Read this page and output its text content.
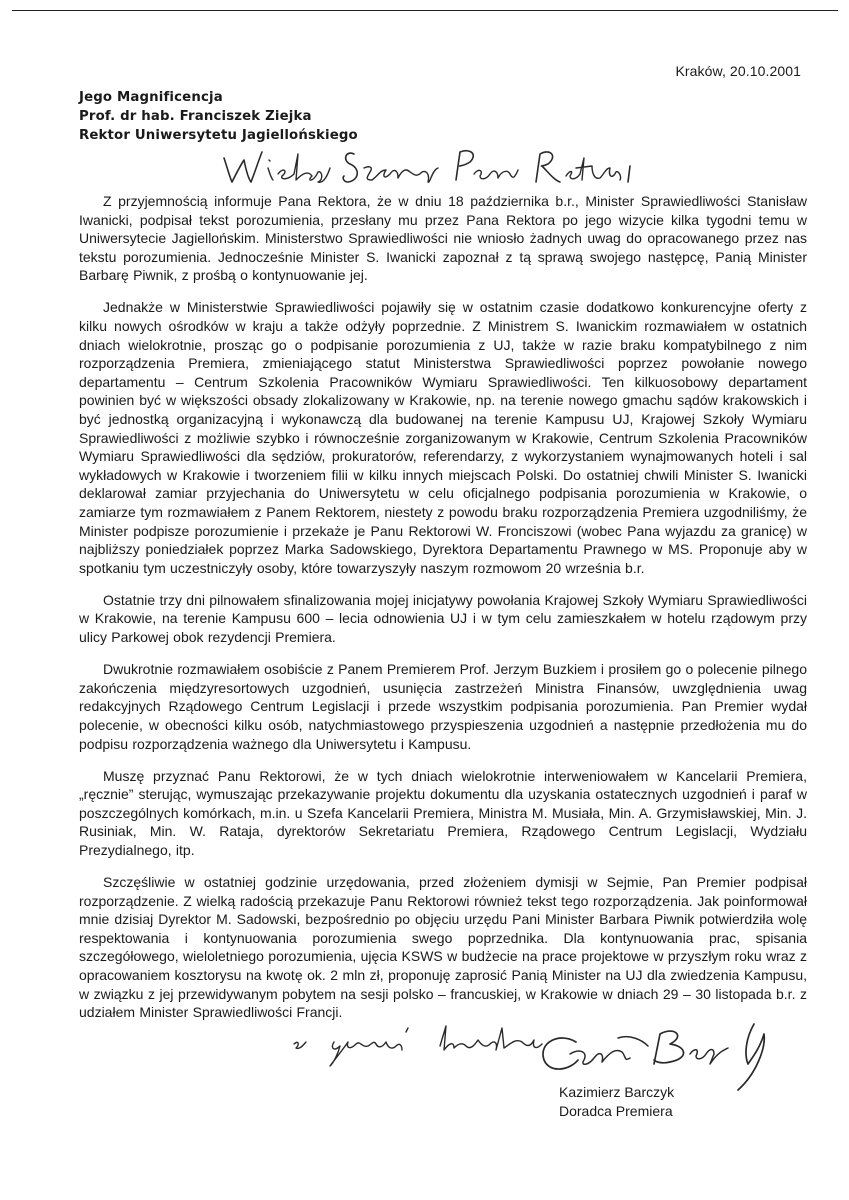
Kraków, 20.10.2001
Jego Magnificencja
Prof. dr hab. Franciszek Ziejka
Rektor Uniwersytetu Jagiellońskiego

Z przyjemnością informuje Pana Rektora, że w dniu 18 października b.r., Minister Sprawiedliwości Stanisław Iwanicki, podpisał tekst porozumienia, przesłany mu przez Pana Rektora po jego wizycie kilka tygodni temu w Uniwersytecie Jagiellońskim. Ministerstwo Sprawiedliwości nie wniosło żadnych uwag do opracowanego przez nas tekstu porozumienia. Jednocześnie Minister S. Iwanicki zapoznał z tą sprawą swojego następcę, Panią Minister Barbarę Piwnik, z prośbą o kontynuowanie jej.

Jednakże w Ministerstwie Sprawiedliwości pojawiły się w ostatnim czasie dodatkowo konkurencyjne oferty z kilku nowych ośrodków w kraju a także odżyły poprzednie. Z Ministrem S. Iwanickim rozmawiałem w ostatnich dniach wielokrotnie, prosząc go o podpisanie porozumienia z UJ, także w razie braku kompatybilnego z nim rozporządzenia Premiera, zmieniającego statut Ministerstwa Sprawiedliwości poprzez powołanie nowego departamentu – Centrum Szkolenia Pracowników Wymiaru Sprawiedliwości. Ten kilkuosobowy departament powinien być w większości obsady zlokalizowany w Krakowie, np. na terenie nowego gmachu sądów krakowskich i być jednostką organizacyjną i wykonawczą dla budowanej na terenie Kampusu UJ, Krajowej Szkoły Wymiaru Sprawiedliwości z możliwie szybko i równocześnie zorganizowanym w Krakowie, Centrum Szkolenia Pracowników Wymiaru Sprawiedliwości dla sędziów, prokuratorów, referendarzy, z wykorzystaniem wynajmowanych hoteli i sal wykładowych w Krakowie i tworzeniem filii w kilku innych miejscach Polski. Do ostatniej chwili Minister S. Iwanicki deklarował zamiar przyjechania do Uniwersytetu w celu oficjalnego podpisania porozumienia w Krakowie, o zamiarze tym rozmawiałem z Panem Rektorem, niestety z powodu braku rozporządzenia Premiera uzgodniliśmy, że Minister podpisze porozumienie i przekaże je Panu Rektorowi W. Fronciszowi (wobec Pana wyjazdu za granicę) w najbliższy poniedziałek poprzez Marka Sadowskiego, Dyrektora Departamentu Prawnego w MS. Proponuje aby w spotkaniu tym uczestniczyły osoby, które towarzyszyły naszym rozmowom 20 września b.r.

Ostatnie trzy dni pilnowałem sfinalizowania mojej inicjatywy powołania Krajowej Szkoły Wymiaru Sprawiedliwości w Krakowie, na terenie Kampusu 600 – lecia odnowienia UJ i w tym celu zamieszkałem w hotelu rządowym przy ulicy Parkowej obok rezydencji Premiera.

Dwukrotnie rozmawiałem osobiście z Panem Premierem Prof. Jerzym Buzkiem i prosiłem go o polecenie pilnego zakończenia międzyresortowych uzgodnień, usunięcia zastrzeżeń Ministra Finansów, uwzględnienia uwag redakcyjnych Rządowego Centrum Legislacji i przede wszystkim podpisania porozumienia. Pan Premier wydał polecenie, w obecności kilku osób, natychmiastowego przyspieszenia uzgodnień a następnie przedłożenia mu do podpisu rozporządzenia ważnego dla Uniwersytetu i Kampusu.

Muszę przyznać Panu Rektorowi, że w tych dniach wielokrotnie interweniowałem w Kancelarii Premiera, „ręcznie” sterując, wymuszając przekazywanie projektu dokumentu dla uzyskania ostatecznych uzgodnień i paraf w poszczególnych komórkach, m.in. u Szefa Kancelarii Premiera, Ministra M. Musiała, Min. A. Grzymisławskiej, Min. J. Rusiniak, Min. W. Rataja, dyrektorów Sekretariatu Premiera, Rządowego Centrum Legislacji, Wydziału Prezydialnego, itp.

Szczęśliwie w ostatniej godzinie urzędowania, przed złożeniem dymisji w Sejmie, Pan Premier podpisał rozporządzenie. Z wielką radością przekazuje Panu Rektorowi również tekst tego rozporządzenia. Jak poinformował mnie dzisiaj Dyrektor M. Sadowski, bezpośrednio po objęciu urzędu Pani Minister Barbara Piwnik potwierdziła wolę respektowania i kontynuowania porozumienia swego poprzednika. Dla kontynuowania prac, spisania szczegółowego, wieloletniego porozumienia, ujęcia KSWS w budżecie na prace projektowe w przyszłym roku wraz z opracowaniem kosztorysu na kwotę ok. 2 mln zł, proponuję zaprosić Panią Minister na UJ dla zwiedzenia Kampusu, w związku z jej przewidywanym pobytem na sesji polsko – francuskiej, w Krakowie w dniach 29 – 30 listopada b.r. z udziałem Minister Sprawiedliwości Francji.

Kazimierz Barczyk
Doradca Premiera
